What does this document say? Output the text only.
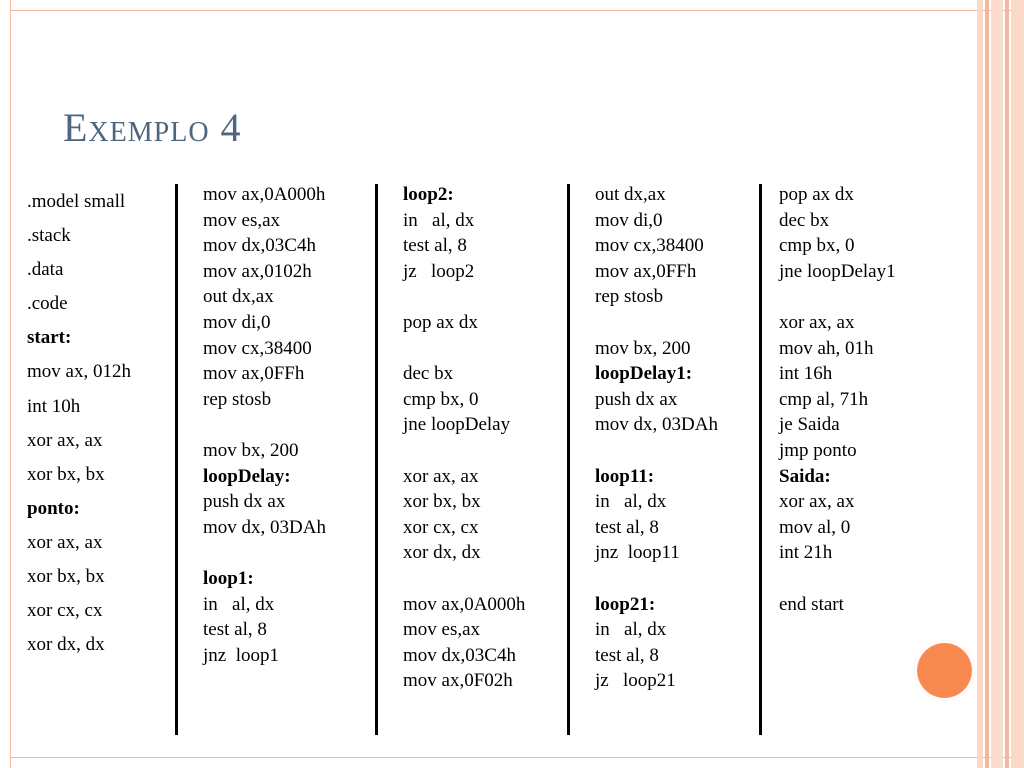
Exemplo 4
.model small
.stack
.data
.code
start:
mov ax, 012h
int 10h
xor ax, ax
xor bx, bx
ponto:
xor ax, ax
xor bx, bx
xor cx, cx
xor dx, dx
mov ax,0A000h
mov es,ax
mov dx,03C4h
mov ax,0102h
out dx,ax
mov di,0
mov cx,38400
mov ax,0FFh
rep stosb
mov bx, 200
loopDelay:
push dx ax
mov dx, 03DAh
loop1:
in   al, dx
test al, 8
jnz  loop1
loop2:
in   al, dx
test al, 8
jz   loop2
pop ax dx
dec bx
cmp bx, 0
jne loopDelay
xor ax, ax
xor bx, bx
xor cx, cx
xor dx, dx
mov ax,0A000h
mov es,ax
mov dx,03C4h
mov ax,0F02h
out dx,ax
mov di,0
mov cx,38400
mov ax,0FFh
rep stosb
mov bx, 200
loopDelay1:
push dx ax
mov dx, 03DAh
loop11:
in   al, dx
test al, 8
jnz  loop11
loop21:
in   al, dx
test al, 8
jz   loop21
pop ax dx
dec bx
cmp bx, 0
jne loopDelay1
xor ax, ax
mov ah, 01h
int 16h
cmp al, 71h
je Saida
jmp ponto
Saida:
xor ax, ax
mov al, 0
int 21h
end start
